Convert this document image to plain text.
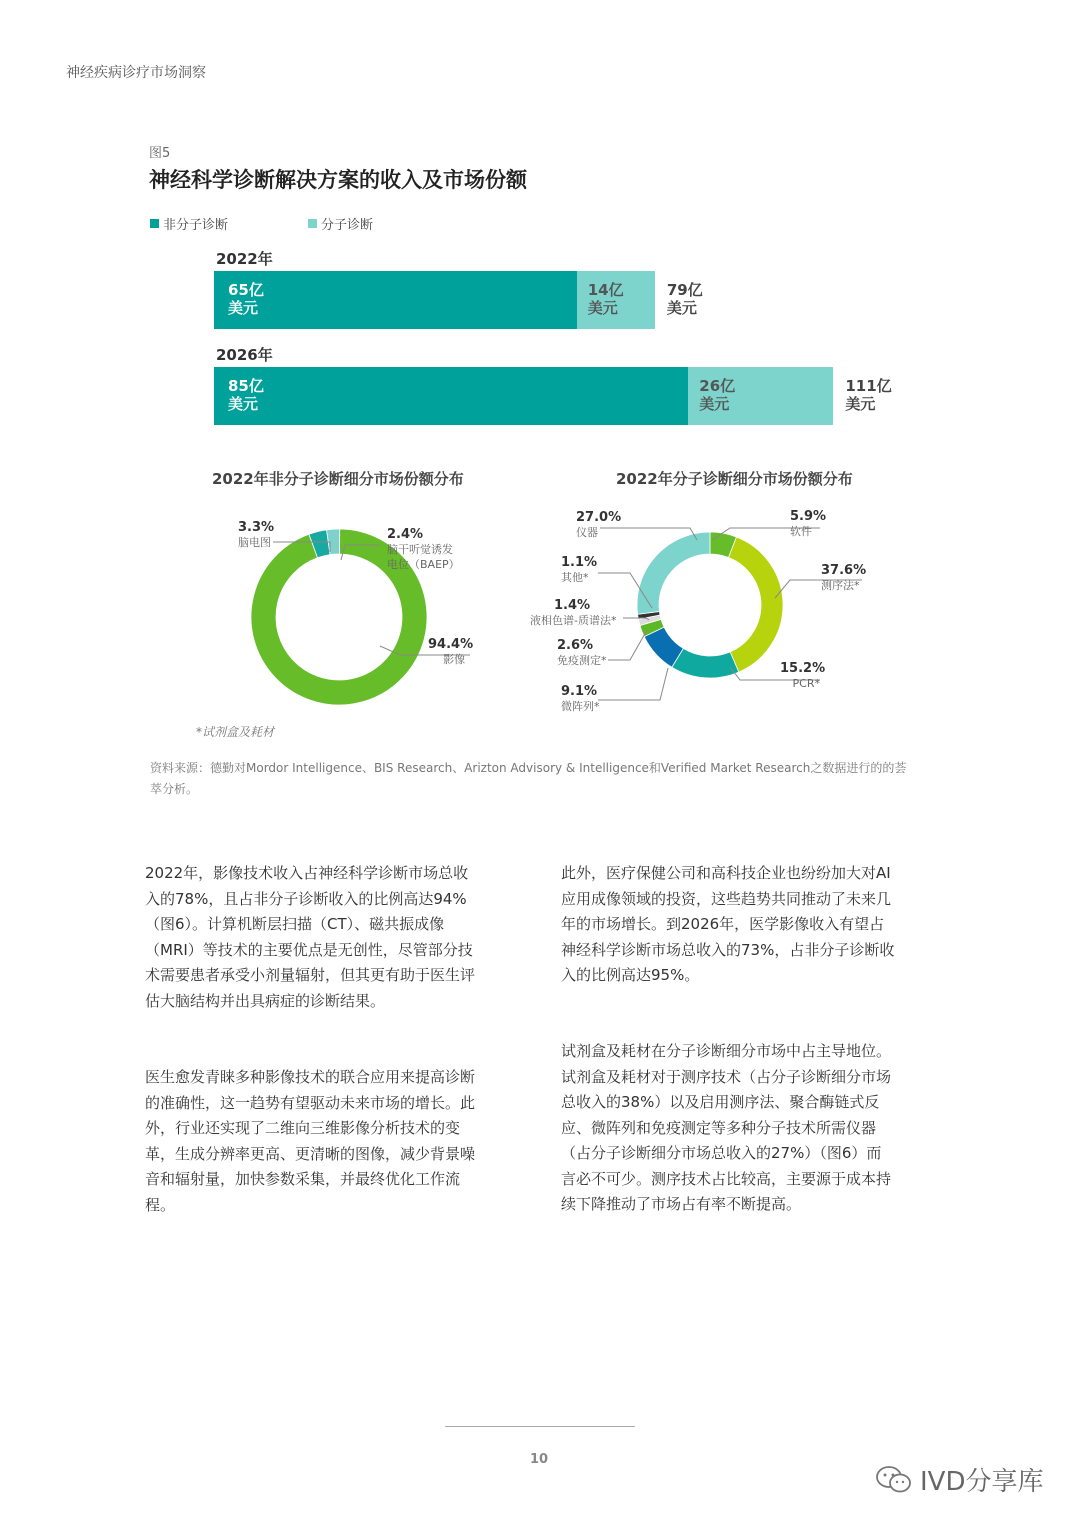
神经疾病诊疗市场洞察
图5
神经科学诊断解决方案的收入及市场份额
非分子诊断	分子诊断
2022年
65亿
美元
14亿
美元
79亿
美元
2026年
85亿
美元
26亿
美元
111亿
美元
2022年非分子诊断细分市场份额分布	2022年分子诊断细分市场份额分布
3.3%
脑电图
2.4%
脑干听觉诱发
电位（BAEP）
94.4%
影像
27.0%
仪器
5.9%
软件
1.1%
其他*	37.6%
测序法*
1.4%
液相色谱-质谱法*
2.6%
免疫测定*
15.2%
PCR*
9.1%
微阵列*
*试剂盒及耗材
资料来源：德勤对Mordor Intelligence、BIS Research、Arizton Advisory & Intelligence和Verified Market Research之数据进行的的荟萃分析。
2022年，影像技术收入占神经科学诊断市场总收入的78%，且占非分子诊断收入的比例高达94%（图6）。计算机断层扫描（CT）、磁共振成像（MRI）等技术的主要优点是无创性，尽管部分技术需要患者承受小剂量辐射，但其更有助于医生评估大脑结构并出具病症的诊断结果。
医生愈发青睐多种影像技术的联合应用来提高诊断的准确性，这一趋势有望驱动未来市场的增长。此外，行业还实现了二维向三维影像分析技术的变革，生成分辨率更高、更清晰的图像，减少背景噪音和辐射量，加快参数采集，并最终优化工作流程。
此外，医疗保健公司和高科技企业也纷纷加大对AI应用成像领域的投资，这些趋势共同推动了未来几年的市场增长。到2026年，医学影像收入有望占神经科学诊断市场总收入的73%，占非分子诊断收入的比例高达95%。
试剂盒及耗材在分子诊断细分市场中占主导地位。试剂盒及耗材对于测序技术（占分子诊断细分市场总收入的38%）以及启用测序法、聚合酶链式反应、微阵列和免疫测定等多种分子技术所需仪器（占分子诊断细分市场总收入的27%）（图6）而言必不可少。测序技术占比较高，主要源于成本持续下降推动了市场占有率不断提高。
10
IVD分享库
